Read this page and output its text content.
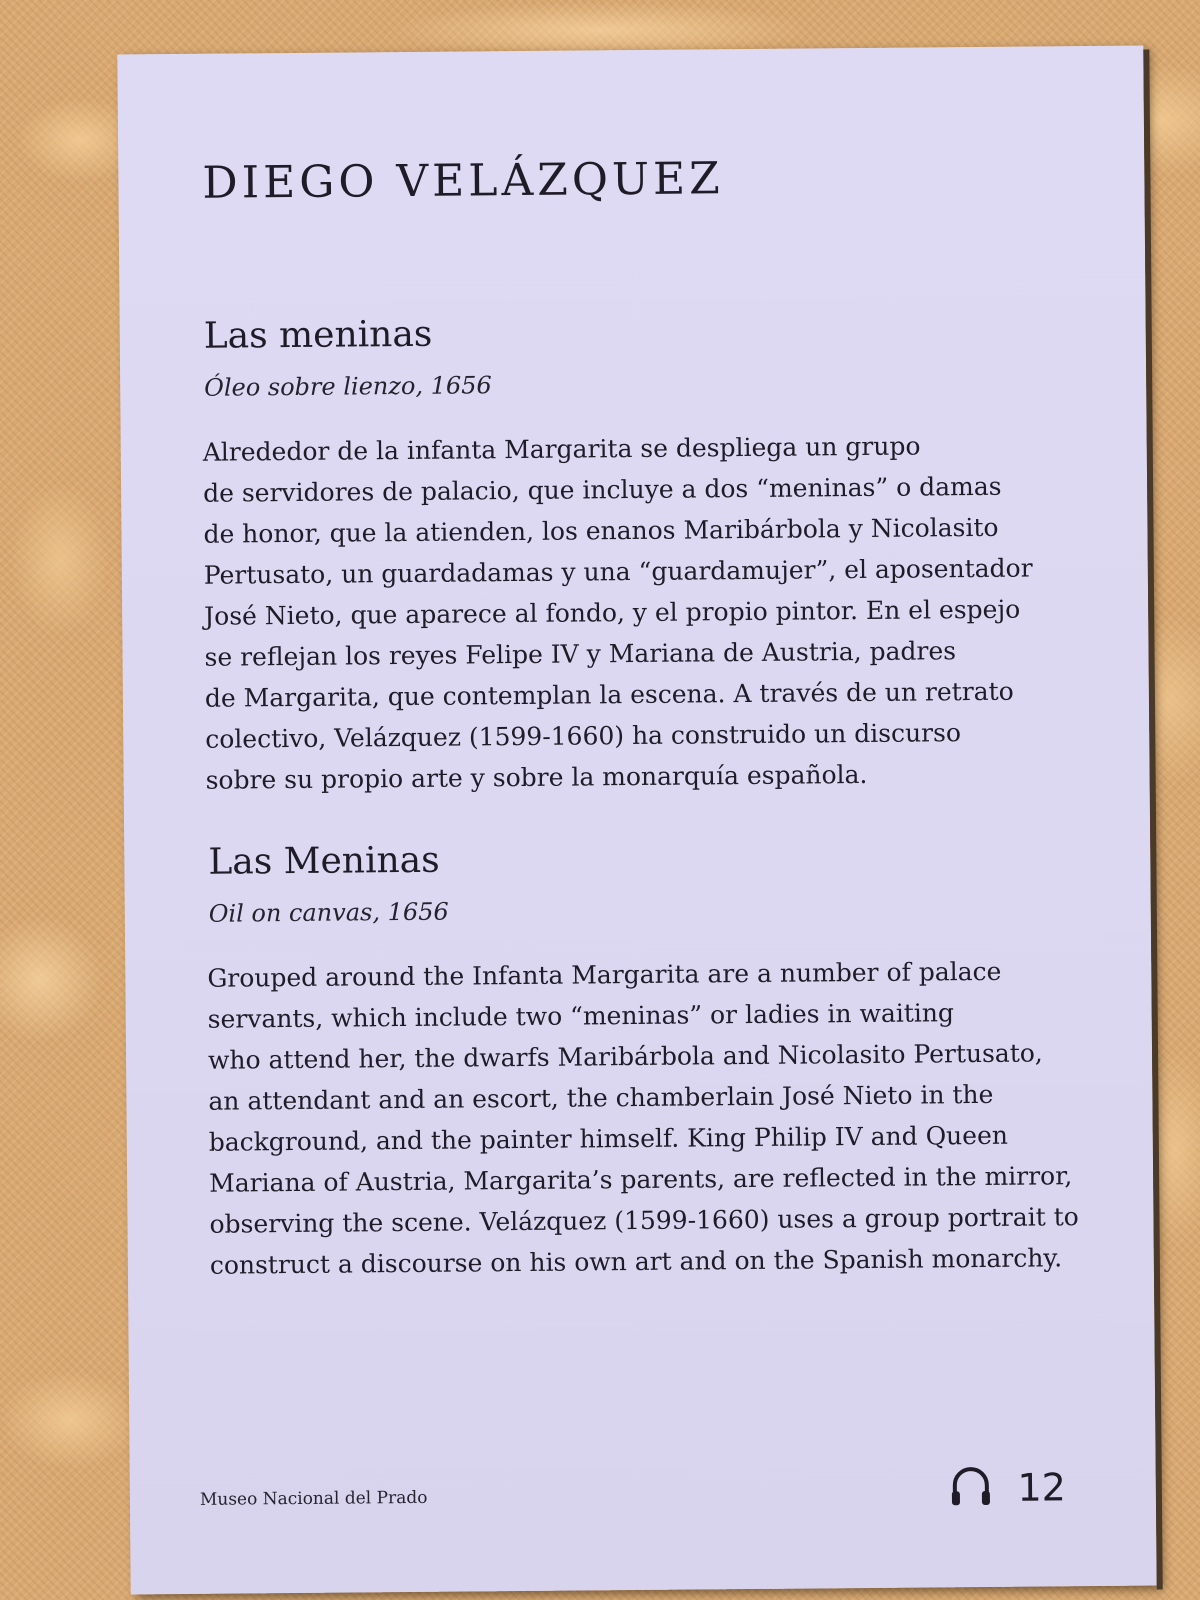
DIEGO VELÁZQUEZ
Las meninas
Óleo sobre lienzo, 1656

Alrededor de la infanta Margarita se despliega un grupo
de servidores de palacio, que incluye a dos “meninas” o damas
de honor, que la atienden, los enanos Maribárbola y Nicolasito
Pertusato, un guardadamas y una “guardamujer”, el aposentador
José Nieto, que aparece al fondo, y el propio pintor. En el espejo
se reflejan los reyes Felipe IV y Mariana de Austria, padres
de Margarita, que contemplan la escena. A través de un retrato
colectivo, Velázquez (1599-1660) ha construido un discurso
sobre su propio arte y sobre la monarquía española.

Las Meninas
Oil on canvas, 1656

Grouped around the Infanta Margarita are a number of palace
servants, which include two “meninas” or ladies in waiting
who attend her, the dwarfs Maribárbola and Nicolasito Pertusato,
an attendant and an escort, the chamberlain José Nieto in the
background, and the painter himself. King Philip IV and Queen
Mariana of Austria, Margarita’s parents, are reflected in the mirror,
observing the scene. Velázquez (1599-1660) uses a group portrait to
construct a discourse on his own art and on the Spanish monarchy.

Museo Nacional del Prado	12
